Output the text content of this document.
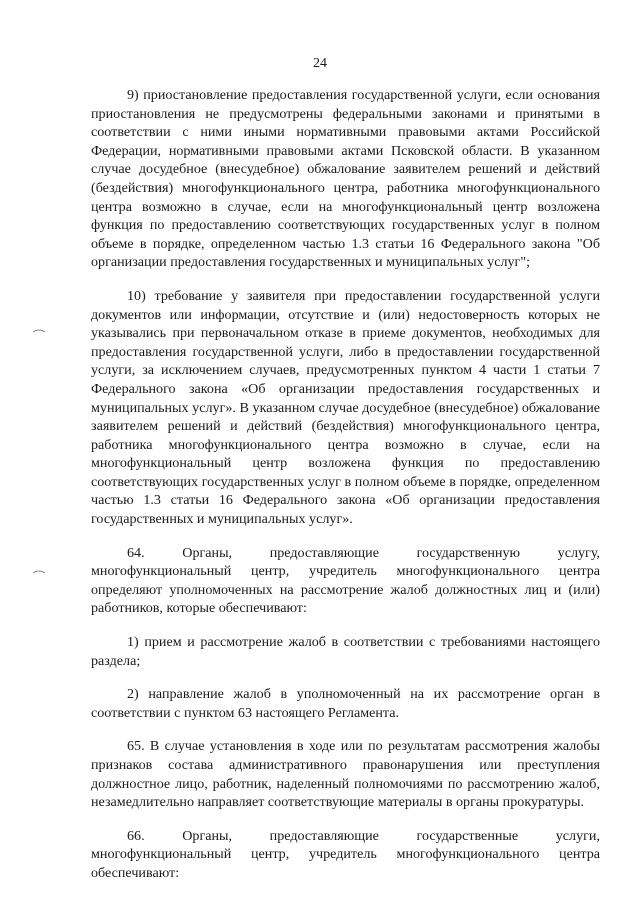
24

9) приостановление предоставления государственной услуги, если основания приостановления не предусмотрены федеральными законами и принятыми в соответствии с ними иными нормативными правовыми актами Российской Федерации, нормативными правовыми актами Псковской области. В указанном случае досудебное (внесудебное) обжалование заявителем решений и действий (бездействия) многофункционального центра, работника многофункционального центра возможно в случае, если на многофункциональный центр возложена функция по предоставлению соответствующих государственных услуг в полном объеме в порядке, определенном частью 1.3 статьи 16 Федерального закона "Об организации предоставления государственных и муниципальных услуг";

10) требование у заявителя при предоставлении государственной услуги документов или информации, отсутствие и (или) недостоверность которых не указывались при первоначальном отказе в приеме документов, необходимых для предоставления государственной услуги, либо в предоставлении государственной услуги, за исключением случаев, предусмотренных пунктом 4 части 1 статьи 7 Федерального закона «Об организации предоставления государственных и муниципальных услуг». В указанном случае досудебное (внесудебное) обжалование заявителем решений и действий (бездействия) многофункционального центра, работника многофункционального центра возможно в случае, если на многофункциональный центр возложена функция по предоставлению соответствующих государственных услуг в полном объеме в порядке, определенном частью 1.3 статьи 16 Федерального закона «Об организации предоставления государственных и муниципальных услуг».

64. Органы, предоставляющие государственную услугу, многофункциональный центр, учредитель многофункционального центра определяют уполномоченных на рассмотрение жалоб должностных лиц и (или) работников, которые обеспечивают:

1) прием и рассмотрение жалоб в соответствии с требованиями настоящего раздела;

2) направление жалоб в уполномоченный на их рассмотрение орган в соответствии с пунктом 63 настоящего Регламента.

65. В случае установления в ходе или по результатам рассмотрения жалобы признаков состава административного правонарушения или преступления должностное лицо, работник, наделенный полномочиями по рассмотрению жалоб, незамедлительно направляет соответствующие материалы в органы прокуратуры.

66. Органы, предоставляющие государственные услуги, многофункциональный центр, учредитель многофункционального центра обеспечивают:
